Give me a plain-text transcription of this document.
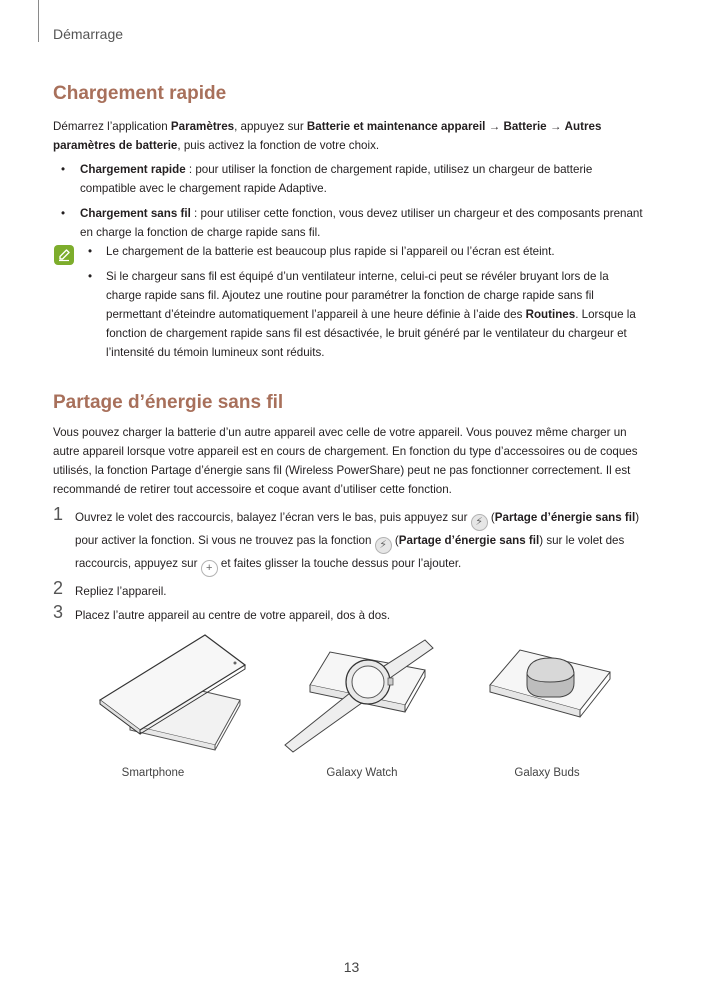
Démarrage
Chargement rapide
Démarrez l’application Paramètres, appuyez sur Batterie et maintenance appareil → Batterie → Autres paramètres de batterie, puis activez la fonction de votre choix.
• Chargement rapide : pour utiliser la fonction de chargement rapide, utilisez un chargeur de batterie compatible avec le chargement rapide Adaptive.
• Chargement sans fil : pour utiliser cette fonction, vous devez utiliser un chargeur et des composants prenant en charge la fonction de charge rapide sans fil.
• Le chargement de la batterie est beaucoup plus rapide si l’appareil ou l’écran est éteint.
• Si le chargeur sans fil est équipé d’un ventilateur interne, celui-ci peut se révéler bruyant lors de la charge rapide sans fil. Ajoutez une routine pour paramétrer la fonction de charge rapide sans fil permettant d’éteindre automatiquement l’appareil à une heure définie à l’aide des Routines. Lorsque la fonction de chargement rapide sans fil est désactivée, le bruit généré par le ventilateur du chargeur et l’intensité du témoin lumineux sont réduits.
Partage d’énergie sans fil
Vous pouvez charger la batterie d’un autre appareil avec celle de votre appareil. Vous pouvez même charger un autre appareil lorsque votre appareil est en cours de chargement. En fonction du type d’accessoires ou de coques utilisés, la fonction Partage d’énergie sans fil (Wireless PowerShare) peut ne pas fonctionner correctement. Il est recommandé de retirer tout accessoire et coque avant d’utiliser cette fonction.
1 Ouvrez le volet des raccourcis, balayez l’écran vers le bas, puis appuyez sur ⚡ (Partage d’énergie sans fil) pour activer la fonction. Si vous ne trouvez pas la fonction ⚡ (Partage d’énergie sans fil) sur le volet des raccourcis, appuyez sur + et faites glisser la touche dessus pour l’ajouter.
2 Repliez l’appareil.
3 Placez l’autre appareil au centre de votre appareil, dos à dos.
Smartphone	Galaxy Watch	Galaxy Buds
13
